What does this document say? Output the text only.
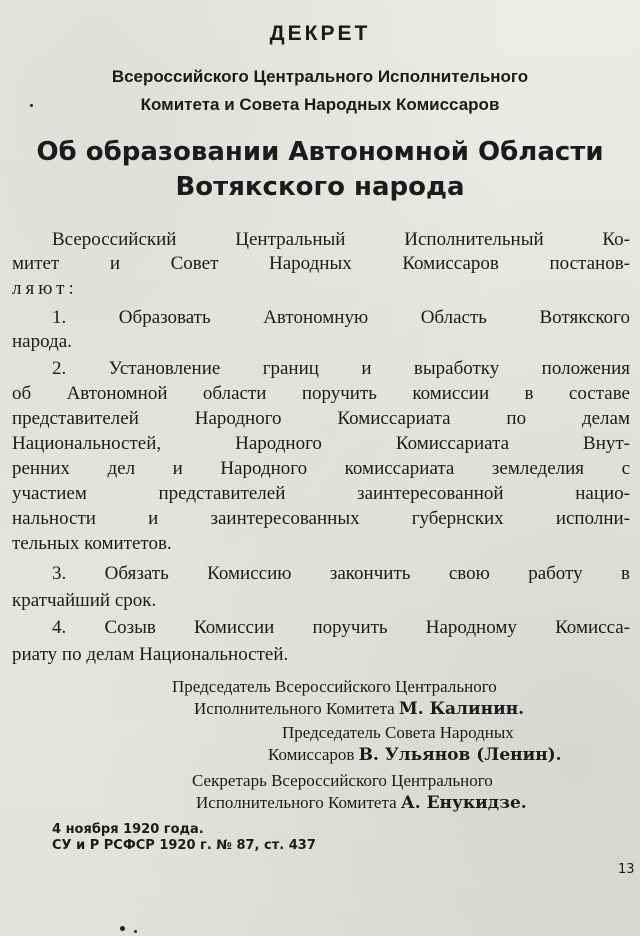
ДЕКРЕТ
Всероссийского Центрального Исполнительного
Комитета и Совета Народных Комиссаров
Об образовании Автономной Области
Вотякского народа
Всероссийский Центральный Исполнительный Ко-
митет и Совет Народных Комиссаров постанов-
ляют:
1. Образовать Автономную Область Вотякского
народа.
2. Установление границ и выработку положения
об Автономной области поручить комиссии в составе
представителей Народного Комиссариата по делам
Национальностей, Народного Комиссариата Внут-
ренних дел и Народного комиссариата земледелия с
участием представителей заинтересованной нацио-
нальности и заинтересованных губернских исполни-
тельных комитетов.
3. Обязать Комиссию закончить свою работу в
кратчайший срок.
4. Созыв Комиссии поручить Народному Комисса-
риату по делам Национальностей.
Председатель Всероссийского Центрального
Исполнительного Комитета М. Калинин.
Председатель Совета Народных
Комиссаров В. Ульянов (Ленин).
Секретарь Всероссийского Центрального
Исполнительного Комитета А. Енукидзе.
4 ноября 1920 года.
СУ и Р РСФСР 1920 г. № 87, ст. 437
13
